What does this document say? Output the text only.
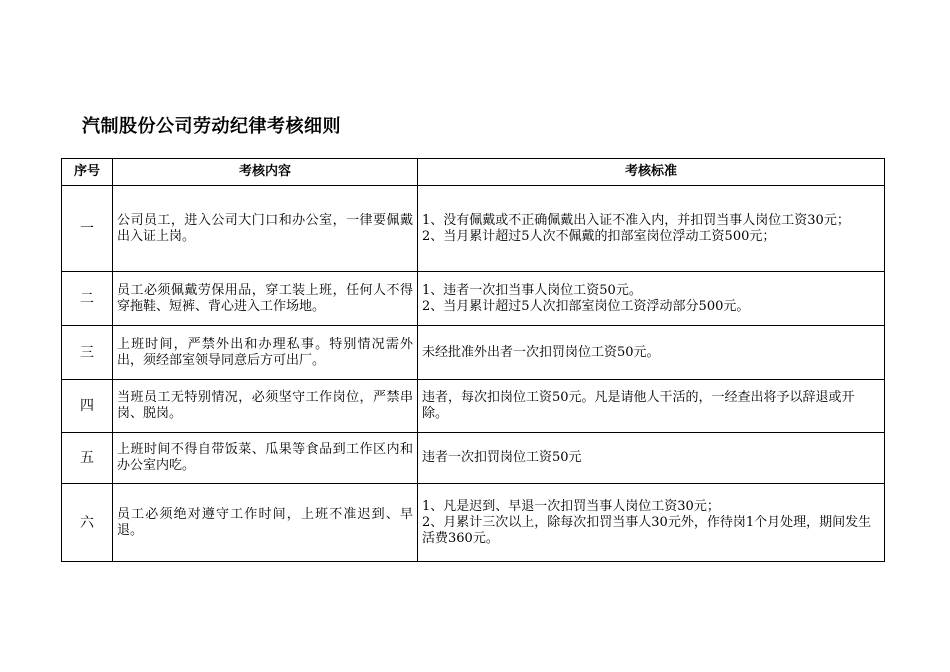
汽制股份公司劳动纪律考核细则
序号	考核内容	考核标准
一	公司员工，进入公司大门口和办公室，一律要佩戴出入证上岗。	1、没有佩戴或不正确佩戴出入证不准入内，并扣罚当事人岗位工资30元；
2、当月累计超过5人次不佩戴的扣部室岗位浮动工资500元；

二	员工必须佩戴劳保用品，穿工装上班，任何人不得穿拖鞋、短裤、背心进入工作场地。	1、违者一次扣当事人岗位工资50元。
2、当月累计超过5人次扣部室岗位工资浮动部分500元。

三	上班时间，严禁外出和办理私事。特别情况需外出，须经部室领导同意后方可出厂。	未经批准外出者一次扣罚岗位工资50元。

四	当班员工无特别情况，必须坚守工作岗位，严禁串岗、脱岗。	违者，每次扣岗位工资50元。凡是请他人干活的，一经查出将予以辞退或开除。

五	上班时间不得自带饭菜、瓜果等食品到工作区内和办公室内吃。	违者一次扣罚岗位工资50元

六	员工必须绝对遵守工作时间，上班不准迟到、早退。	1、凡是迟到、早退一次扣罚当事人岗位工资30元；
2、月累计三次以上，除每次扣罚当事人30元外，作待岗1个月处理，期间发生活费360元。
